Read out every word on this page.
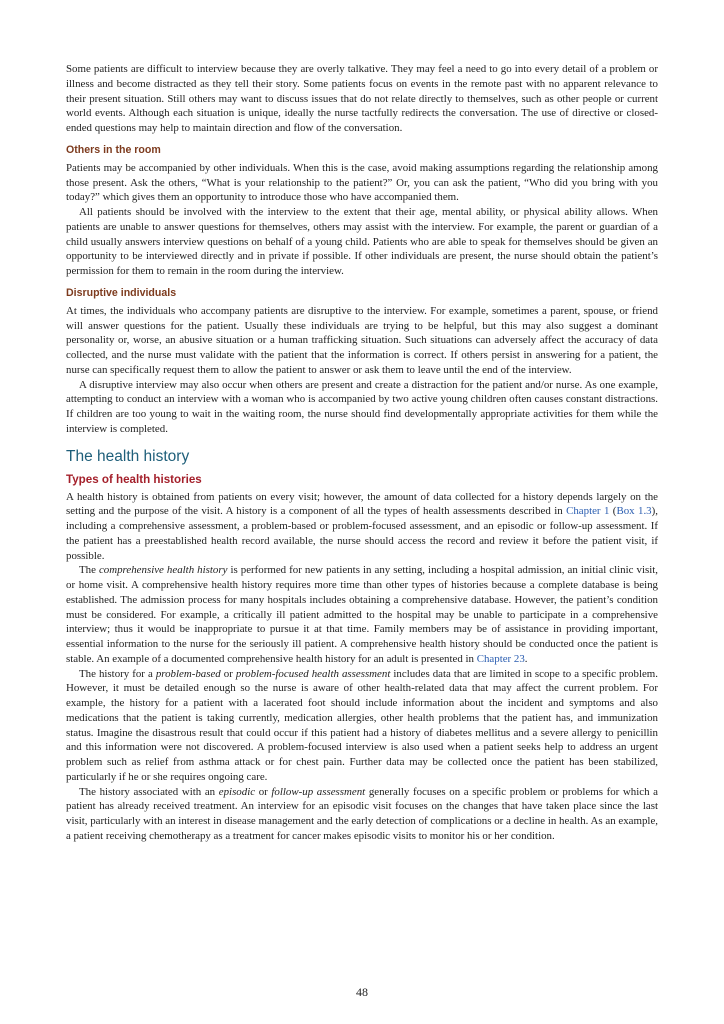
Some patients are difficult to interview because they are overly talkative. They may feel a need to go into every detail of a problem or illness and become distracted as they tell their story. Some patients focus on events in the remote past with no apparent relevance to their present situation. Still others may want to discuss issues that do not relate directly to themselves, such as other people or current world events. Although each situation is unique, ideally the nurse tactfully redirects the conversation. The use of directive or closed-ended questions may help to maintain direction and flow of the conversation.

Others in the room

Patients may be accompanied by other individuals. When this is the case, avoid making assumptions regarding the relationship among those present. Ask the others, “What is your relationship to the patient?” Or, you can ask the patient, “Who did you bring with you today?” which gives them an opportunity to introduce those who have accompanied them.

All patients should be involved with the interview to the extent that their age, mental ability, or physical ability allows. When patients are unable to answer questions for themselves, others may assist with the interview. For example, the parent or guardian of a child usually answers interview questions on behalf of a young child. Patients who are able to speak for themselves should be given an opportunity to be interviewed directly and in private if possible. If other individuals are present, the nurse should obtain the patient’s permission for them to remain in the room during the interview.

Disruptive individuals

At times, the individuals who accompany patients are disruptive to the interview. For example, sometimes a parent, spouse, or friend will answer questions for the patient. Usually these individuals are trying to be helpful, but this may also suggest a dominant personality or, worse, an abusive situation or a human trafficking situation. Such situations can adversely affect the accuracy of data collected, and the nurse must validate with the patient that the information is correct. If others persist in answering for a patient, the nurse can specifically request them to allow the patient to answer or ask them to leave until the end of the interview.

A disruptive interview may also occur when others are present and create a distraction for the patient and/or nurse. As one example, attempting to conduct an interview with a woman who is accompanied by two active young children often causes constant distractions. If children are too young to wait in the waiting room, the nurse should find developmentally appropriate activities for them while the interview is completed.

The health history
Types of health histories

A health history is obtained from patients on every visit; however, the amount of data collected for a history depends largely on the setting and the purpose of the visit. A history is a component of all the types of health assessments described in Chapter 1 (Box 1.3), including a comprehensive assessment, a problem-based or problem-focused assessment, and an episodic or follow-up assessment. If the patient has a preestablished health record available, the nurse should access the record and review it before the patient visit, if possible.

The comprehensive health history is performed for new patients in any setting, including a hospital admission, an initial clinic visit, or home visit. A comprehensive health history requires more time than other types of histories because a complete database is being established. The admission process for many hospitals includes obtaining a comprehensive database. However, the patient’s condition must be considered. For example, a critically ill patient admitted to the hospital may be unable to participate in a comprehensive interview; thus it would be inappropriate to pursue it at that time. Family members may be of assistance in providing important, essential information to the nurse for the seriously ill patient. A comprehensive health history should be conducted once the patient is stable. An example of a documented comprehensive health history for an adult is presented in Chapter 23.

The history for a problem-based or problem-focused health assessment includes data that are limited in scope to a specific problem. However, it must be detailed enough so the nurse is aware of other health-related data that may affect the current problem. For example, the history for a patient with a lacerated foot should include information about the incident and symptoms and also medications that the patient is taking currently, medication allergies, other health problems that the patient has, and immunization status. Imagine the disastrous result that could occur if this patient had a history of diabetes mellitus and a severe allergy to penicillin and this information were not discovered. A problem-focused interview is also used when a patient seeks help to address an urgent problem such as relief from asthma attack or for chest pain. Further data may be collected once the patient has been stabilized, particularly if he or she requires ongoing care.

The history associated with an episodic or follow-up assessment generally focuses on a specific problem or problems for which a patient has already received treatment. An interview for an episodic visit focuses on the changes that have taken place since the last visit, particularly with an interest in disease management and the early detection of complications or a decline in health. As an example, a patient receiving chemotherapy as a treatment for cancer makes episodic visits to monitor his or her condition.

48
